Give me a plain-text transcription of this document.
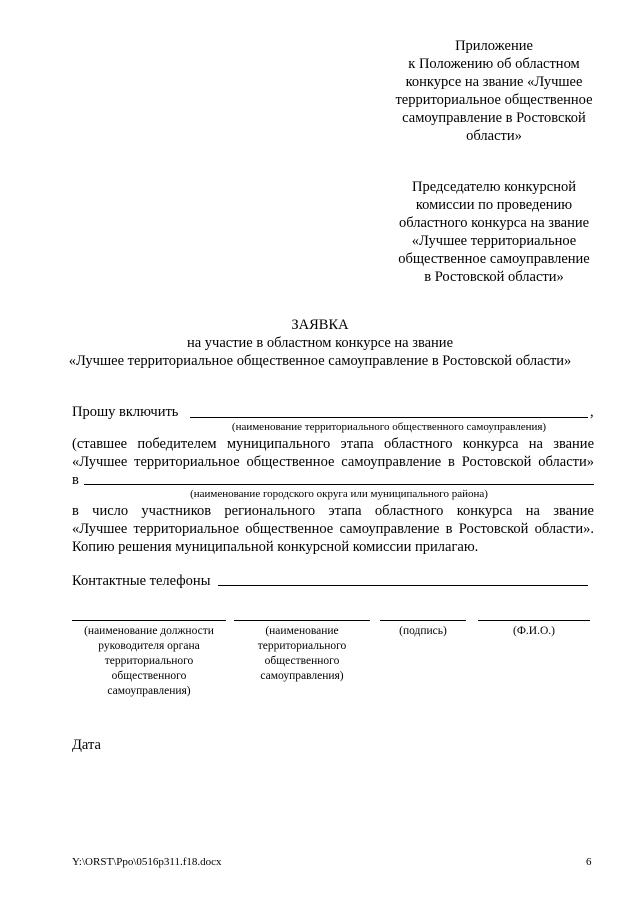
Приложение
к Положению об областном
конкурсе на звание «Лучшее
территориальное общественное
самоуправление в Ростовской
области»
Председателю конкурсной
комиссии по проведению
областного конкурса на звание
«Лучшее территориальное
общественное самоуправление
в Ростовской области»
ЗАЯВКА
на участие в областном конкурсе на звание
«Лучшее территориальное общественное самоуправление в Ростовской области»
Прошу включить	,
(наименование территориального общественного самоуправления)
(ставшее победителем муниципального этапа областного конкурса на звание
«Лучшее территориальное общественное самоуправление в Ростовской области»
в
(наименование городского округа или муниципального района)
в число участников регионального этапа областного конкурса на звание
«Лучшее территориальное общественное самоуправление в Ростовской области».
Копию решения муниципальной конкурсной комиссии прилагаю.
Контактные телефоны
(наименование должности
руководителя органа
территориального
общественного
самоуправления)
(наименование
территориального
общественного
самоуправления)
(подпись)	(Ф.И.О.)
Дата
Y:\ORST\Ppo\0516p311.f18.docx	6
